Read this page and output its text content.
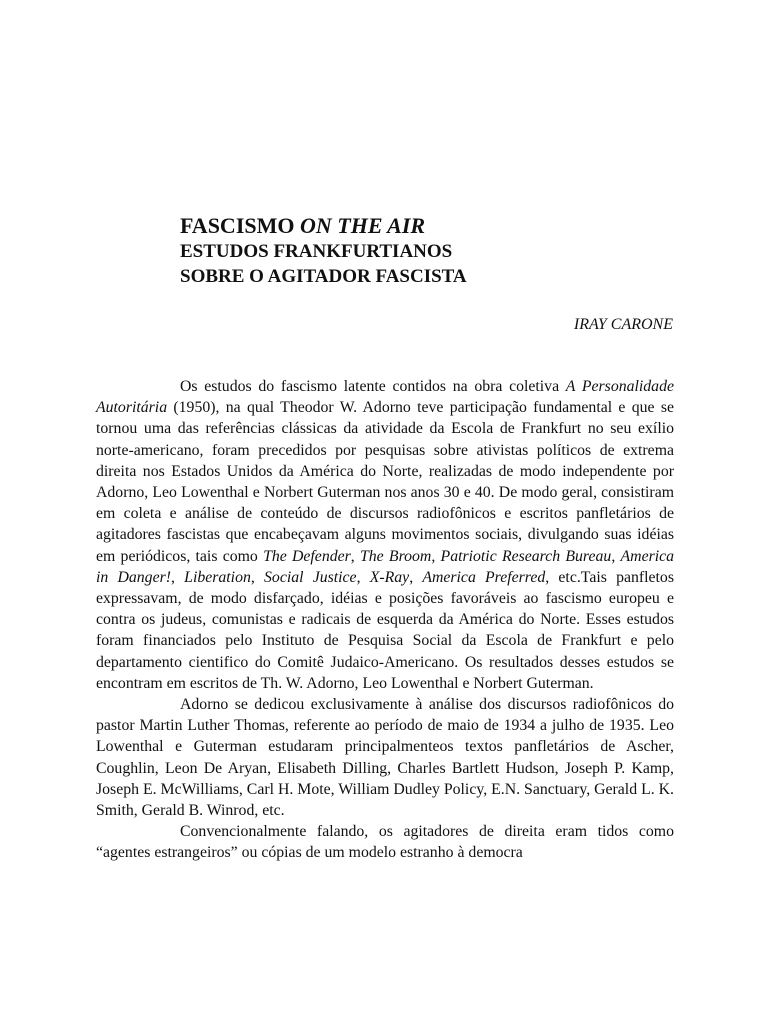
FASCISMO ON THE AIR

ESTUDOS FRANKFURTIANOS

SOBRE O AGITADOR FASCISTA

IRAY CARONE

Os estudos do fascismo latente contidos na obra coletiva A Personalidade Autoritária (1950), na qual Theodor W. Adorno teve participação fundamental e que se tornou uma das referências clássicas da atividade da Escola de Frankfurt no seu exílio norte-americano, foram precedidos por pesquisas sobre ativistas políticos de extrema direita nos Estados Unidos da América do Norte, realizadas de modo independente por Adorno, Leo Lowenthal e Norbert Guterman nos anos 30 e 40. De modo geral, consistiram em coleta e análise de conteúdo de discursos radiofônicos e escritos panfletários de agitadores fascistas que encabeçavam alguns movimentos sociais, divulgando suas idéias em periódicos, tais como The Defender, The Broom, Patriotic Research Bureau, America in Danger!, Liberation, Social Justice, X-Ray, America Preferred, etc.Tais panfletos expressavam, de modo disfarçado, idéias e posições favoráveis ao fascismo europeu e contra os judeus, comunistas e radicais de esquerda da América do Norte. Esses estudos foram financiados pelo Instituto de Pesquisa Social da Escola de Frankfurt e pelo departamento cientifico do Comitê Judaico-Americano. Os resultados desses estudos se encontram em escritos de Th. W. Adorno, Leo Lowenthal e Norbert Guterman.

Adorno se dedicou exclusivamente à análise dos discursos radiofônicos do pastor Martin Luther Thomas, referente ao período de maio de 1934 a julho de 1935. Leo Lowenthal e Guterman estudaram principalmenteos textos panfletários de Ascher, Coughlin, Leon De Aryan, Elisabeth Dilling, Charles Bartlett Hudson, Joseph P. Kamp, Joseph E. McWilliams, Carl H. Mote, William Dudley Policy, E.N. Sanctuary, Gerald L. K. Smith, Gerald B. Winrod, etc.

Convencionalmente falando, os agitadores de direita eram tidos como “agentes estrangeiros” ou cópias de um modelo estranho à democra
